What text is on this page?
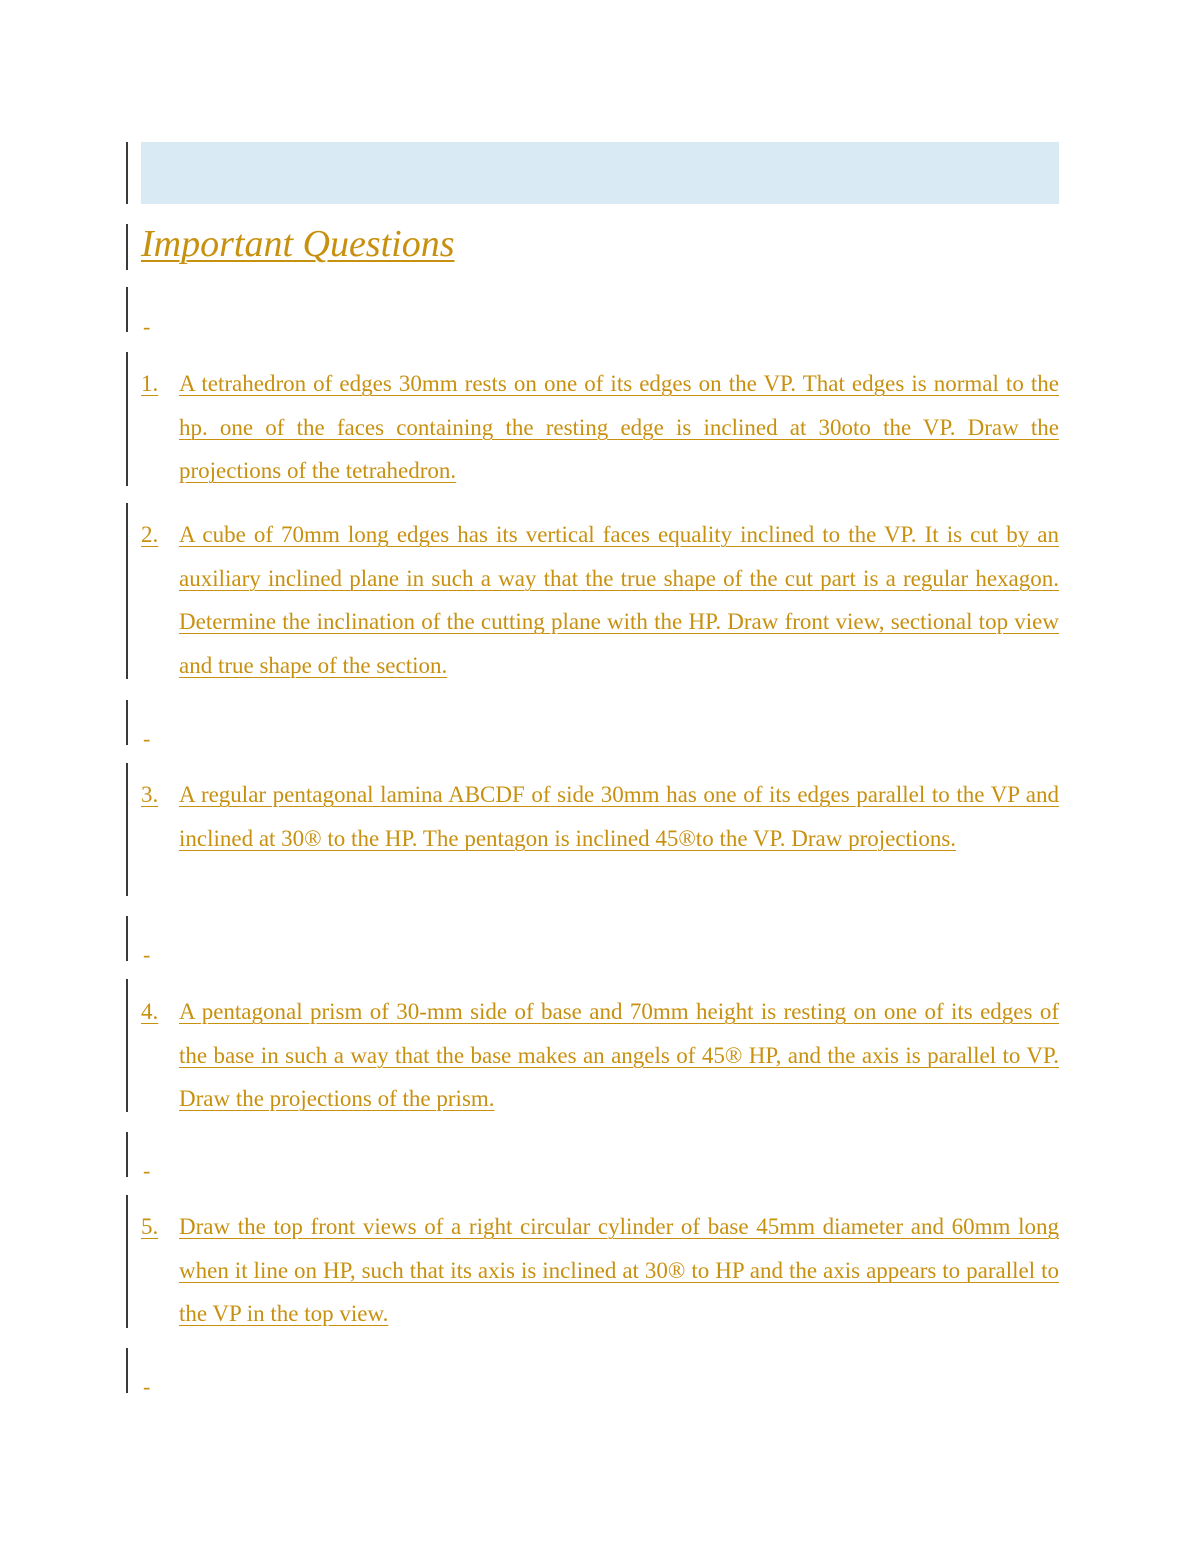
Important Questions
-
1. A tetrahedron of edges 30mm rests on one of its edges on the VP. That edges is normal to the hp. one of the faces containing the resting edge is inclined at 30oto the VP. Draw the projections of the tetrahedron.
2. A cube of 70mm long edges has its vertical faces equality inclined to the VP. It is cut by an auxiliary inclined plane in such a way that the true shape of the cut part is a regular hexagon. Determine the inclination of the cutting plane with the HP. Draw front view, sectional top view and true shape of the section.
-
3. A regular pentagonal lamina ABCDF of side 30mm has one of its edges parallel to the VP and inclined at 30® to the HP. The pentagon is inclined 45®to the VP. Draw projections.
-
4. A pentagonal prism of 30-mm side of base and 70mm height is resting on one of its edges of the base in such a way that the base makes an angels of 45® HP, and the axis is parallel to VP. Draw the projections of the prism.
-
5. Draw the top front views of a right circular cylinder of base 45mm diameter and 60mm long when it line on HP, such that its axis is inclined at 30® to HP and the axis appears to parallel to the VP in the top view.
-
